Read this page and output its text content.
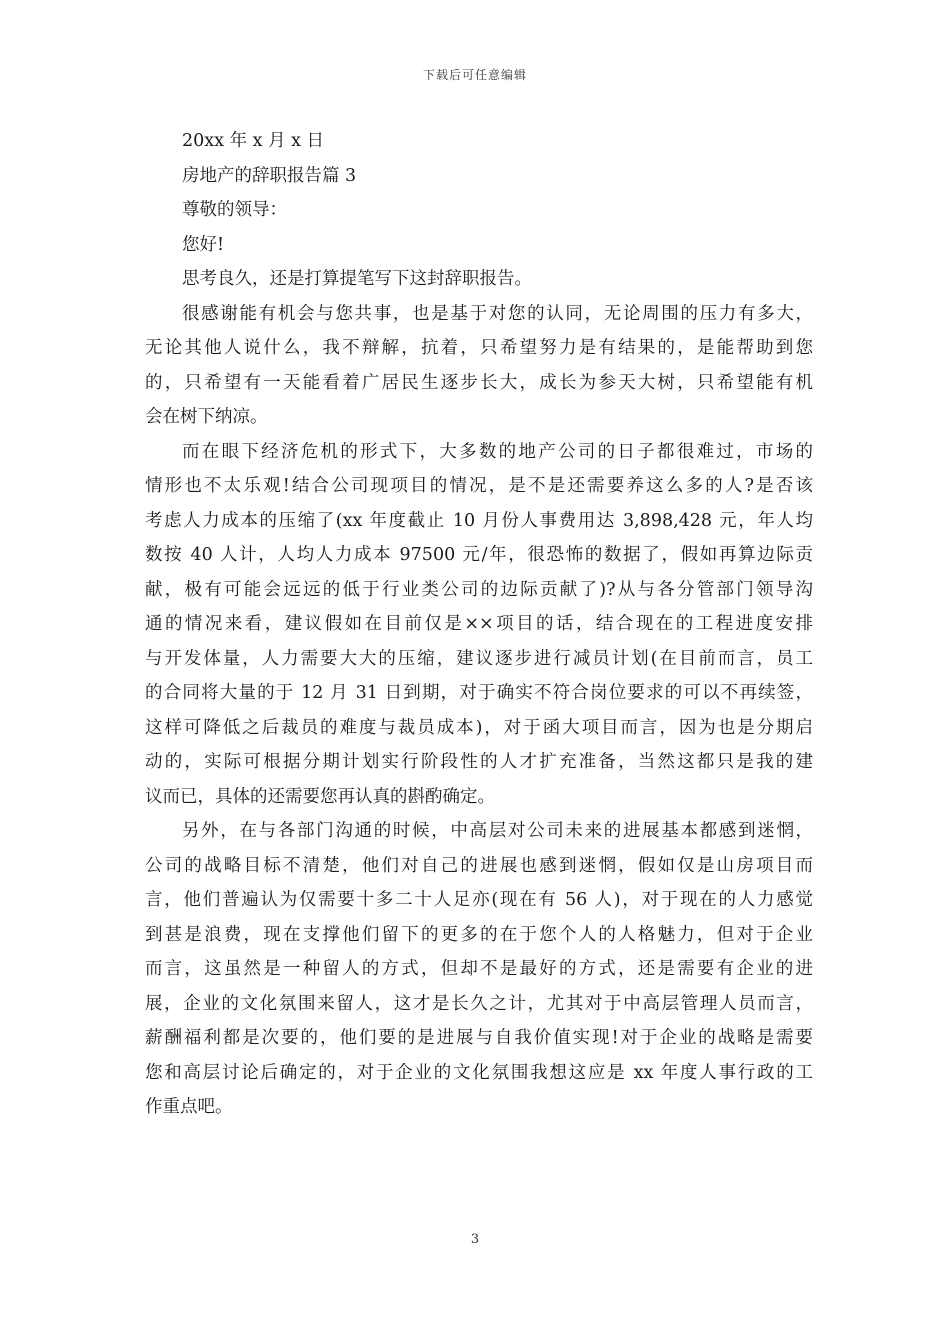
下载后可任意编辑
20xx 年 x 月 x 日
房地产的辞职报告篇 3
尊敬的领导：
您好!
思考良久，还是打算提笔写下这封辞职报告。
很感谢能有机会与您共事，也是基于对您的认同，无论周围的压力有多大，
无论其他人说什么，我不辩解，抗着，只希望努力是有结果的，是能帮助到您
的，只希望有一天能看着广居民生逐步长大，成长为参天大树，只希望能有机
会在树下纳凉。
而在眼下经济危机的形式下，大多数的地产公司的日子都很难过，市场的
情形也不太乐观!结合公司现项目的情况，是不是还需要养这么多的人?是否该
考虑人力成本的压缩了(xx 年度截止 10 月份人事费用达 3,898,428 元，年人均
数按 40 人计，人均人力成本 97500 元/年，很恐怖的数据了，假如再算边际贡
献，极有可能会远远的低于行业类公司的边际贡献了)?从与各分管部门领导沟
通的情况来看，建议假如在目前仅是××项目的话，结合现在的工程进度安排
与开发体量，人力需要大大的压缩，建议逐步进行减员计划(在目前而言，员工
的合同将大量的于 12 月 31 日到期，对于确实不符合岗位要求的可以不再续签，
这样可降低之后裁员的难度与裁员成本)，对于函大项目而言，因为也是分期启
动的，实际可根据分期计划实行阶段性的人才扩充准备，当然这都只是我的建
议而已，具体的还需要您再认真的斟酌确定。
另外，在与各部门沟通的时候，中高层对公司未来的进展基本都感到迷惘，
公司的战略目标不清楚，他们对自己的进展也感到迷惘，假如仅是山房项目而
言，他们普遍认为仅需要十多二十人足亦(现在有 56 人)，对于现在的人力感觉
到甚是浪费，现在支撑他们留下的更多的在于您个人的人格魅力，但对于企业
而言，这虽然是一种留人的方式，但却不是最好的方式，还是需要有企业的进
展，企业的文化氛围来留人，这才是长久之计，尤其对于中高层管理人员而言，
薪酬福利都是次要的，他们要的是进展与自我价值实现!对于企业的战略是需要
您和高层讨论后确定的，对于企业的文化氛围我想这应是 xx 年度人事行政的工
作重点吧。
3
